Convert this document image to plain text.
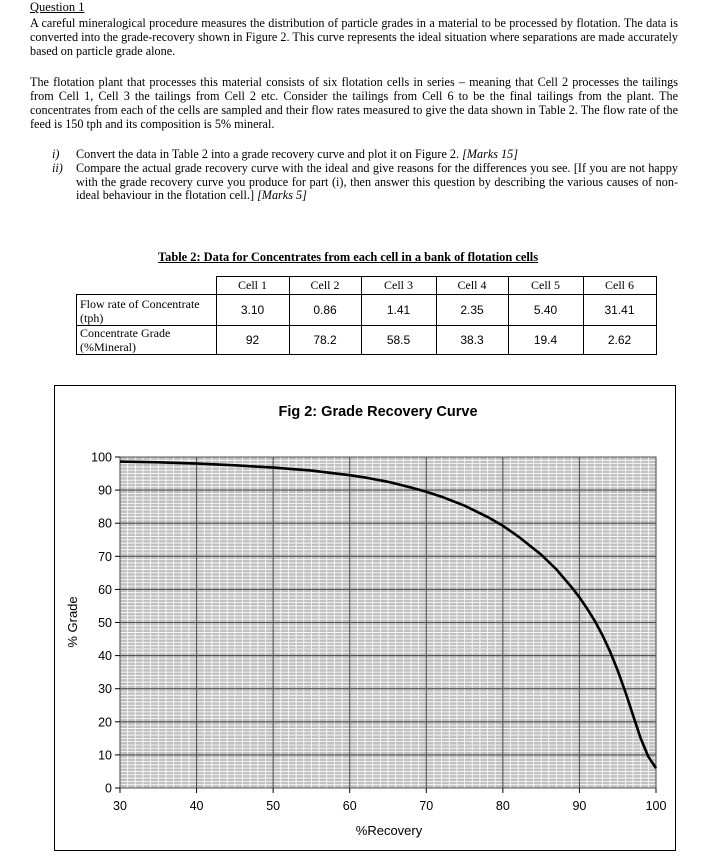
Question 1

A careful mineralogical procedure measures the distribution of particle grades in a material to be processed by flotation. The data is converted into the grade-recovery shown in Figure 2. This curve represents the ideal situation where separations are made accurately based on particle grade alone.

The flotation plant that processes this material consists of six flotation cells in series – meaning that Cell 2 processes the tailings from Cell 1, Cell 3 the tailings from Cell 2 etc. Consider the tailings from Cell 6 to be the final tailings from the plant. The concentrates from each of the cells are sampled and their flow rates measured to give the data shown in Table 2. The flow rate of the feed is 150 tph and its composition is 5% mineral.

i)	Convert the data in Table 2 into a grade recovery curve and plot it on Figure 2. [Marks 15]
ii)	Compare the actual grade recovery curve with the ideal and give reasons for the differences you see. [If you are not happy with the grade recovery curve you produce for part (i), then answer this question by describing the various causes of non-ideal behaviour in the flotation cell.] [Marks 5]

Table 2: Data for Concentrates from each cell in a bank of flotation cells

	Cell 1	Cell 2	Cell 3	Cell 4	Cell 5	Cell 6
Flow rate of Concentrate (tph)	3.10	0.86	1.41	2.35	5.40	31.41
Concentrate Grade (%Mineral)	92	78.2	58.5	38.3	19.4	2.62
Fig 2: Grade Recovery Curve
30	40	50	60	70	80	90	100
0
10
20
30
40
50
60
70
80
90
100
%Recovery
% Grade
